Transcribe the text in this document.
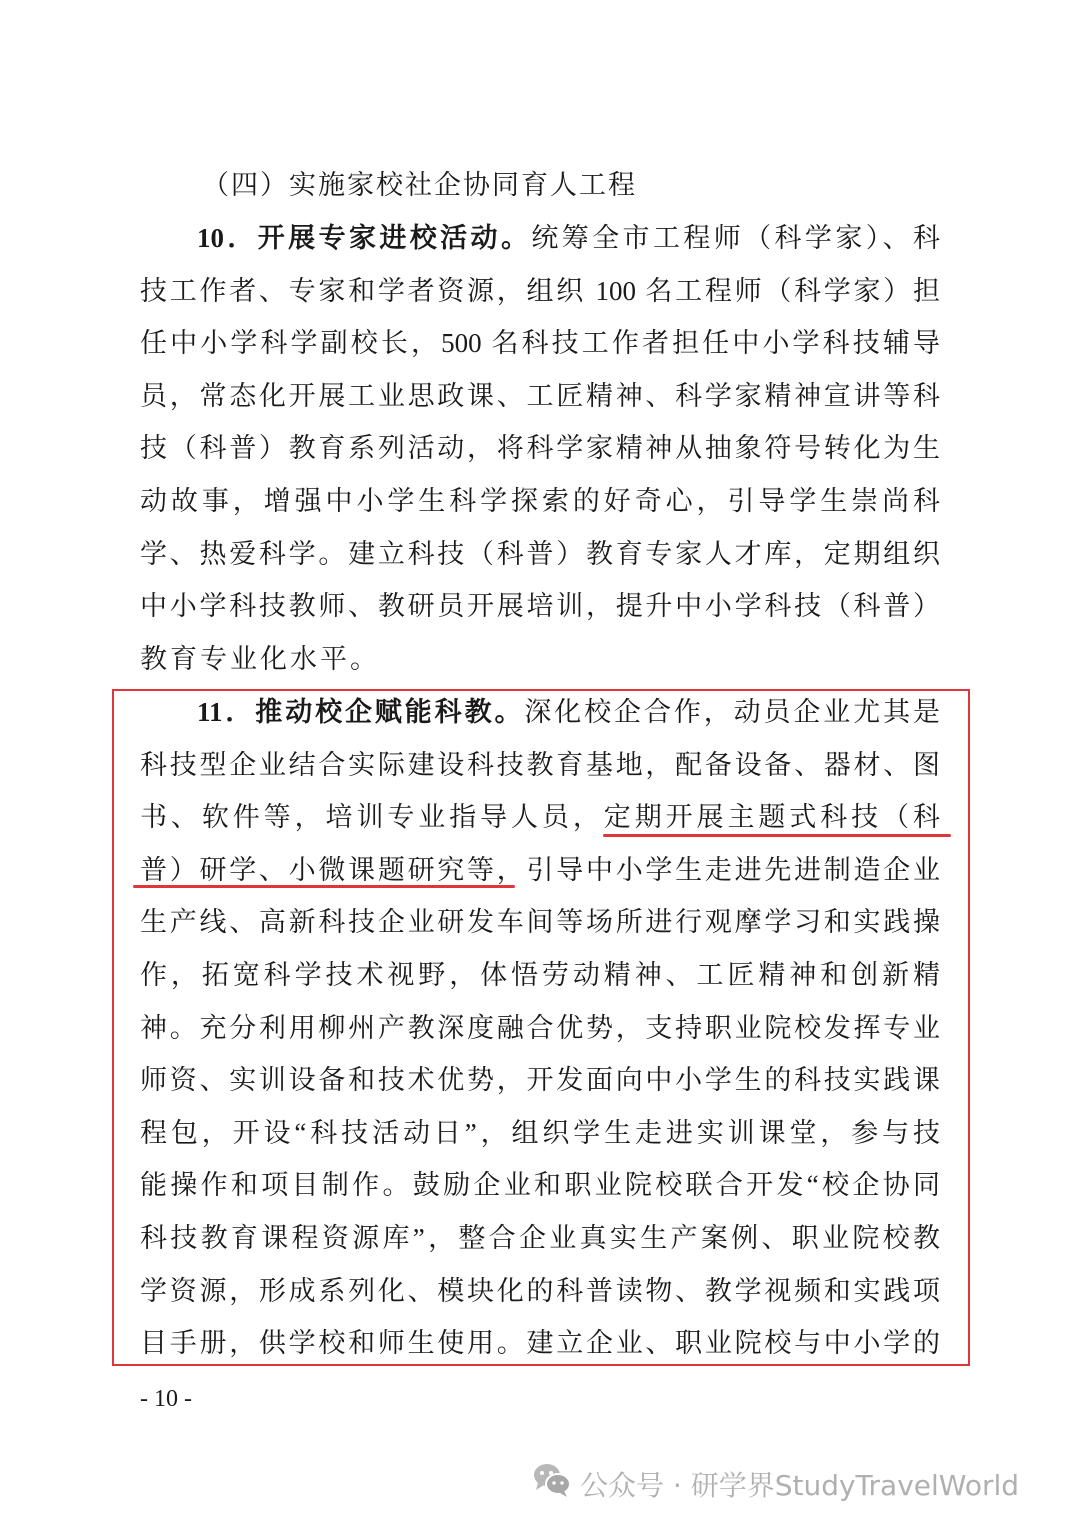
（四）实施家校社企协同育人工程
10．开展专家进校活动。统筹全市工程师（科学家）、科
技工作者、专家和学者资源，组织 100 名工程师（科学家）担
任中小学科学副校长，500 名科技工作者担任中小学科技辅导
员，常态化开展工业思政课、工匠精神、科学家精神宣讲等科
技（科普）教育系列活动，将科学家精神从抽象符号转化为生
动故事，增强中小学生科学探索的好奇心，引导学生崇尚科
学、热爱科学。建立科技（科普）教育专家人才库，定期组织
中小学科技教师、教研员开展培训，提升中小学科技（科普）
教育专业化水平。
11．推动校企赋能科教。深化校企合作，动员企业尤其是
科技型企业结合实际建设科技教育基地，配备设备、器材、图
书、软件等，培训专业指导人员，定期开展主题式科技（科
普）研学、小微课题研究等，引导中小学生走进先进制造企业
生产线、高新科技企业研发车间等场所进行观摩学习和实践操
作，拓宽科学技术视野，体悟劳动精神、工匠精神和创新精
神。充分利用柳州产教深度融合优势，支持职业院校发挥专业
师资、实训设备和技术优势，开发面向中小学生的科技实践课
程包，开设“科技活动日”，组织学生走进实训课堂，参与技
能操作和项目制作。鼓励企业和职业院校联合开发“校企协同
科技教育课程资源库”，整合企业真实生产案例、职业院校教
学资源，形成系列化、模块化的科普读物、教学视频和实践项
目手册，供学校和师生使用。建立企业、职业院校与中小学的
- 10 -
公众号 · 研学界StudyTravelWorld
